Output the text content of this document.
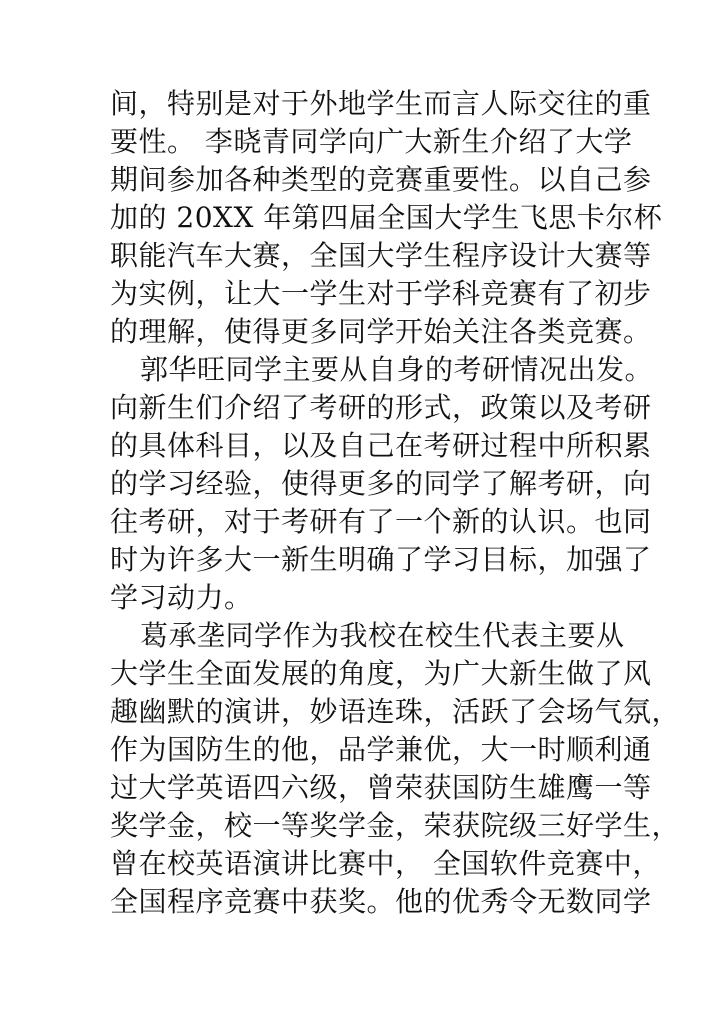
间，特别是对于外地学生而言人际交往的重
要性。 李晓青同学向广大新生介绍了大学
期间参加各种类型的竞赛重要性。以自己参
加的 20XX 年第四届全国大学生飞思卡尔杯
职能汽车大赛，全国大学生程序设计大赛等
为实例，让大一学生对于学科竞赛有了初步
的理解，使得更多同学开始关注各类竞赛。
郭华旺同学主要从自身的考研情况出发。
向新生们介绍了考研的形式，政策以及考研
的具体科目，以及自己在考研过程中所积累
的学习经验，使得更多的同学了解考研，向
往考研，对于考研有了一个新的认识。也同
时为许多大一新生明确了学习目标，加强了
学习动力。
葛承垄同学作为我校在校生代表主要从
大学生全面发展的角度，为广大新生做了风
趣幽默的演讲，妙语连珠，活跃了会场气氛，
作为国防生的他，品学兼优，大一时顺利通
过大学英语四六级，曾荣获国防生雄鹰一等
奖学金，校一等奖学金，荣获院级三好学生，
曾在校英语演讲比赛中， 全国软件竞赛中，
全国程序竞赛中获奖。他的优秀令无数同学
